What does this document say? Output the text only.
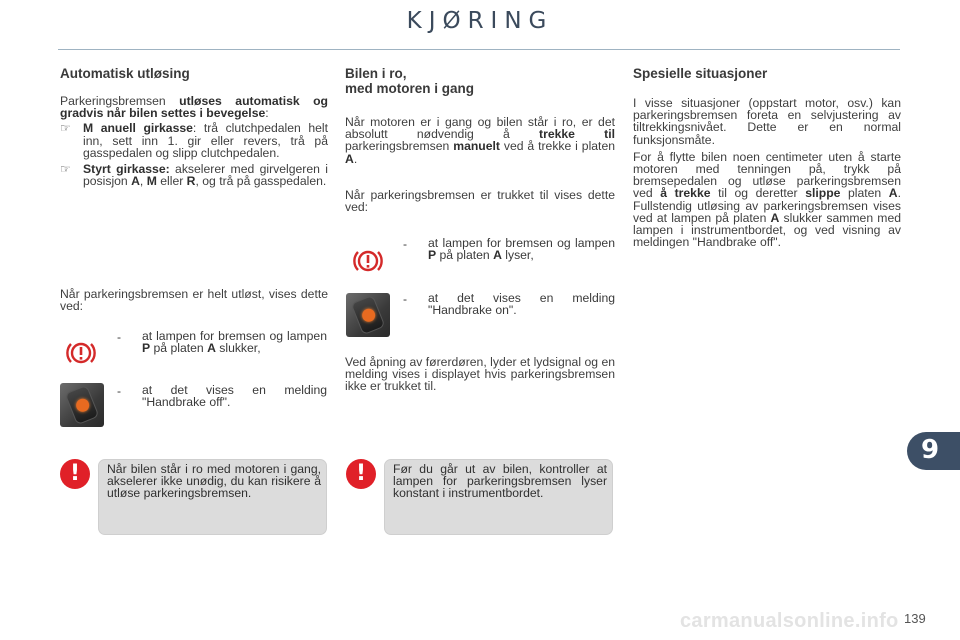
KJØRING
Automatisk utløsing

Parkeringsbremsen utløses automatisk og gradvis når bilen settes i bevegelse:

☞ M anuell girkasse: trå clutchpedalen helt inn, sett inn 1. gir eller revers, trå på gasspedalen og slipp clutchpedalen.
☞ Styrt girkasse: akselerer med girvelgeren i posisjon A, M eller R, og trå på gasspedalen.

Når parkeringsbremsen er helt utløst, vises dette ved:

- at lampen for bremsen og lampen P på platen A slukker,
- at det vises en melding "Handbrake off".
Bilen i ro,
med motoren i gang

Når motoren er i gang og bilen står i ro, er det absolutt nødvendig å trekke til parkeringsbremsen manuelt ved å trekke i platen A.

Når parkeringsbremsen er trukket til vises dette ved:

Ved åpning av førerdøren, lyder et lydsignal og en melding vises i displayet hvis parkeringsbremsen ikke er trukket til.

- at lampen for bremsen og lampen P på platen A lyser,
- at det vises en melding "Handbrake on".
Spesielle situasjoner

I visse situasjoner (oppstart motor, osv.) kan parkeringsbremsen foreta en selvjustering av tiltrekkingsnivået. Dette er en normal funksjonsmåte.

For å flytte bilen noen centimeter uten å starte motoren med tenningen på, trykk på bremsepedalen og utløse parkeringsbremsen ved å trekke til og deretter slippe platen A. Fullstendig utløsing av parkeringsbremsen vises ved at lampen på platen A slukker sammen med lampen i instrumentbordet, og ved visning av meldingen "Handbrake off".

!	Når bilen står i ro med motoren i gang, akselerer ikke unødig, du kan risikere å utløse parkeringsbremsen.

!	Før du går ut av bilen, kontroller at lampen for parkeringsbremsen lyser konstant i instrumentbordet.

9
carmanualsonline.info 139
